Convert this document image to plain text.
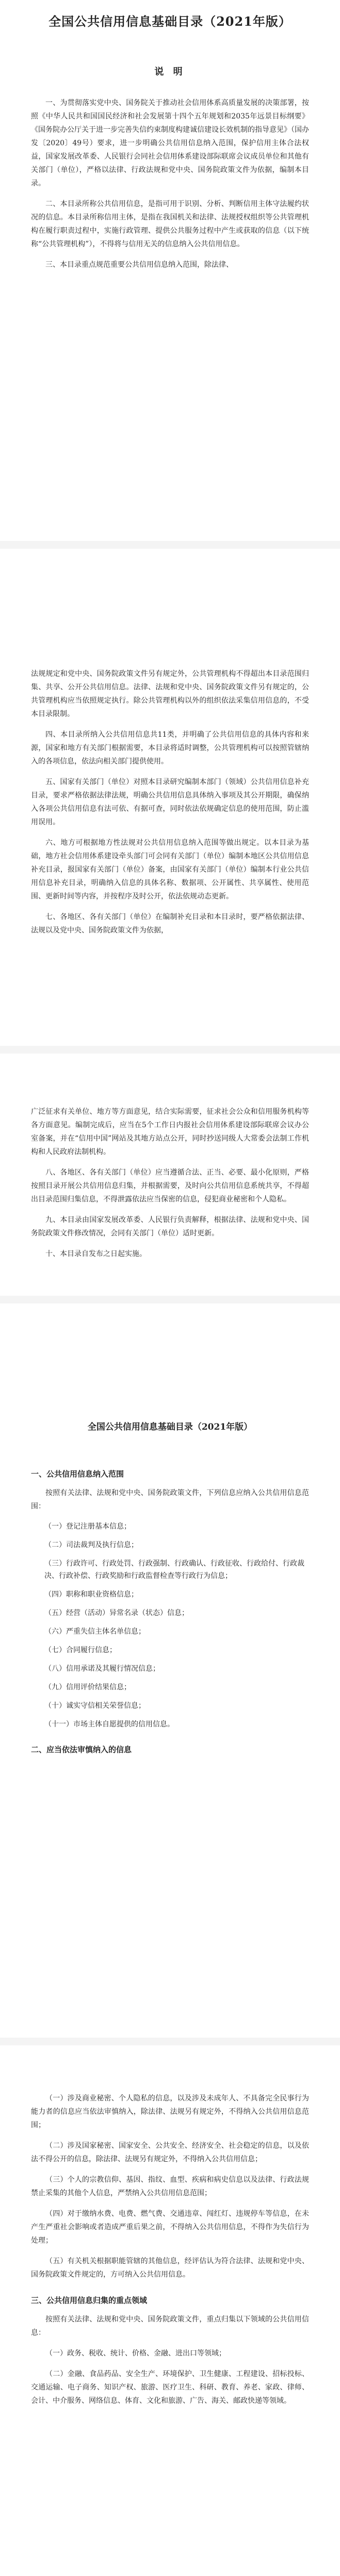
全国公共信用信息基础目录（2021年版）
说 明

一、为贯彻落实党中央、国务院关于推动社会信用体系高质量发展的决策部署，按照《中华人民共和国国民经济和社会发展第十四个五年规划和2035年远景目标纲要》《国务院办公厅关于进一步完善失信约束制度构建诚信建设长效机制的指导意见》（国办发〔2020〕49号）要求，进一步明确公共信用信息纳入范围，保护信用主体合法权益，国家发展改革委、人民银行会同社会信用体系建设部际联席会议成员单位和其他有关部门（单位），严格以法律、行政法规和党中央、国务院政策文件为依据，编制本目录。

二、本目录所称公共信用信息，是指可用于识别、分析、判断信用主体守法履约状况的信息。本目录所称信用主体，是指在我国机关和法律、法规授权组织等公共管理机构在履行职责过程中，实施行政管理、提供公共服务过程中产生或获取的信息（以下统称“公共管理机构”），不得将与信用无关的信息纳入公共信用信息。

三、本目录重点规范重要公共信用信息纳入范围，除法律、

法规规定和党中央、国务院政策文件另有规定外，公共管理机构不得超出本目录范围归集、共享、公开公共信用信息。法律、法规和党中央、国务院政策文件另有规定的，公共管理机构应当依照规定执行。除公共管理机构以外的组织依法采集信用信息的，不受本目录限制。

四、本目录所纳入公共信用信息共11类，并明确了公共信用信息的具体内容和来源，国家和地方有关部门根据需要，本目录将适时调整，公共管理机构可以按照管辖纳入的各项信息，依法向相关部门提供使用。

五、国家有关部门（单位）对照本目录研究编制本部门（领域）公共信用信息补充目录，要求严格依据法律法规，明确公共信用信息具体纳入事项及其公开期限，确保纳入各项公共信用信息有法可依、有据可查，同时依法依规确定信息的使用范围，防止滥用误用。

六、地方可根据地方性法规对公共信用信息纳入范围等做出规定。以本目录为基础，地方社会信用体系建设牵头部门可会同有关部门（单位）编制本地区公共信用信息补充目录，报国家有关部门（单位）备案，由国家有关部门（单位）编制本行业公共信用信息补充目录，明确纳入信息的具体名称、数据项、公开属性、共享属性、使用范围、更新时间等内容，并按程序及时公开，依法依规动态更新。

七、各地区、各有关部门（单位）在编制补充目录和本目录时，要严格依据法律、法规以及党中央、国务院政策文件为依据，

广泛征求有关单位、地方等方面意见，结合实际需要，征求社会公众和信用服务机构等各方面意见。编制完成后，应当在5个工作日内报社会信用体系建设部际联席会议办公室备案，并在“信用中国”网站及其地方站点公开，同时抄送同级人大常委会法制工作机构和人民政府法制机构。

八、各地区、各有关部门（单位）应当遵循合法、正当、必要、最小化原则，严格按照目录开展公共信用信息归集，并根据需要，及时向公共信用信息系统共享，不得超出目录范围归集信息，不得泄露依法应当保密的信息，侵犯商业秘密和个人隐私。

九、本目录由国家发展改革委、人民银行负责解释，根据法律、法规和党中央、国务院政策文件修改情况，会同有关部门（单位）适时更新。

十、本目录自发布之日起实施。

全国公共信用信息基础目录（2021年版）
一、公共信用信息纳入范围

按照有关法律、法规和党中央、国务院政策文件，下列信息应纳入公共信用信息范围：

（一）登记注册基本信息；

（二）司法裁判及执行信息；

（三）行政许可、行政处罚、行政强制、行政确认、行政征收、行政给付、行政裁决、行政补偿、行政奖励和行政监督检查等行政行为信息；

（四）职称和职业资格信息；

（五）经营（活动）异常名录（状态）信息；

（六）严重失信主体名单信息；

（七）合同履行信息；

（八）信用承诺及其履行情况信息；

（九）信用评价结果信息；

（十）诚实守信相关荣誉信息；

（十一）市场主体自愿提供的信用信息。

二、应当依法审慎纳入的信息

（一）涉及商业秘密、个人隐私的信息，以及涉及未成年人、不具备完全民事行为能力者的信息应当依法审慎纳入，除法律、法规另有规定外，不得纳入公共信用信息范围；

（二）涉及国家秘密、国家安全、公共安全、经济安全、社会稳定的信息，以及依法不得公开的信息，除法律、法规另有规定外，不得纳入公共信用信息；

（三）个人的宗教信仰、基因、指纹、血型、疾病和病史信息以及法律、行政法规禁止采集的其他个人信息，严禁纳入公共信用信息范围；

（四）对于缴纳水费、电费、燃气费、交通违章、闯红灯、违规停车等信息，在未产生严重社会影响或者造成严重后果之前，不得纳入公共信用信息，不得作为失信行为处理；

（五）有关机关根据职能管辖的其他信息，经评估认为符合法律、法规和党中央、国务院政策文件规定的，方可纳入公共信用信息。

三、公共信用信息归集的重点领域

按照有关法律、法规和党中央、国务院政策文件，重点归集以下领域的公共信用信息：

（一）政务、税收、统计、价格、金融、进出口等领域；

（二）金融、食品药品、安全生产、环境保护、卫生健康、工程建设、招标投标、交通运输、电子商务、知识产权、旅游、医疗卫生、科研、教育、养老、家政、律师、会计、中介服务、网络信息、体育、文化和旅游、广告、海关、邮政快递等领域。
